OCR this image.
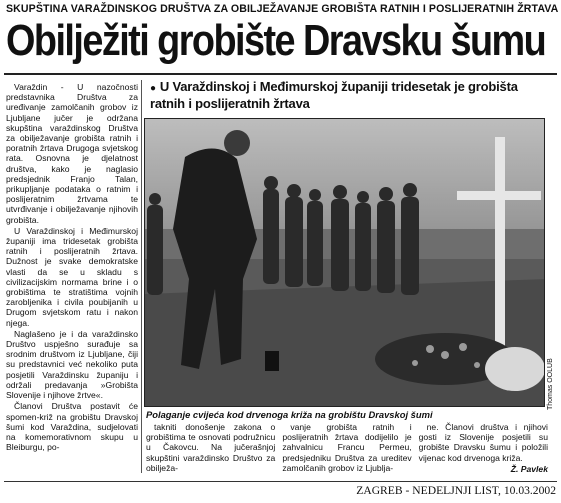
SKUPŠTINA VARAŽDINSKOG DRUŠTVA ZA OBILJEŽAVANJE GROBIŠTA RATNIH I POSLIJERATNIH ŽRTAVA
Obilježiti grobište Dravsku šumu

Varaždin - U nazočnosti predstavnika Društva za uređivanje zamolčanih grobov iz Ljubljane jučer je održana skupština varaždinskog Društva za obilježavanje grobišta ratnih i poratnih žrtava Drugoga svjetskog rata. Osnovna je djelatnost društva, kako je naglasio predsjednik Franjo Talan, prikupljanje podataka o ratnim i poslijeratnim žrtvama te utvrđivanje i obilježavanje njihovih grobišta.

U Varaždinskoj i Međimurskoj županiji ima tridesetak grobišta ratnih i poslijeratnih žrtava. Dužnost je svake demokratske vlasti da se u skladu s civilizacijskim normama brine i o grobištima te stratištima vojnih zarobljenika i civila poubijanih u Drugom svjetskom ratu i nakon njega.

Naglašeno je i da varaždinsko Društvo uspješno surađuje sa srodnim društvom iz Ljubljane, čiji su predstavnici već nekoliko puta posjetili Varaždinsku županiju i održali predavanja »Grobišta Slovenije i njihove žrtve«.

Članovi Društva postavit će spomen-križ na grobištu Dravskoj šumi kod Varaždina, sudjelovati na komemorativnom skupu u Bleiburgu, po-

● U Varaždinskoj i Međimurskoj županiji tridesetak je grobišta ratnih i poslijeratnih žrtava
Thomas OOLUB
Polaganje cvijeća kod drvenoga križa na grobištu Dravskoj šumi

takniti donošenje zakona o grobištima te osnovati podružnicu u Čakovcu. Na jučerašnjoj skupštini varaždinsko Društvo za obilježa-

vanje grobišta ratnih i poslijeratnih žrtava dodijelilo je zahvalnicu Francu Permeu, predsjedniku Društva za ureditev zamolčanih grobov iz Ljublja-

ne. Članovi društva i njihovi gosti iz Slovenije posjetili su grobište Dravsku šumu i položili vijenac kod drvenoga križa.

Ž. Pavlek
ZAGREB - NEDELJNJI LIST, 10.03.2002
